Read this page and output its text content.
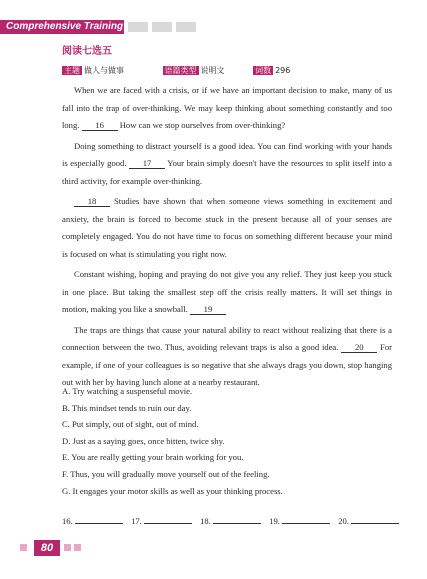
Comprehensive Training
阅读七选五
主题 做人与做事	语篇类型 说明文	词数 296

When we are faced with a crisis, or if we have an important decision to make, many of us fall into the trap of over-thinking. We may keep thinking about something constantly and too long. 16 How can we stop ourselves from over-thinking?

Doing something to distract yourself is a good idea. You can find working with your hands is especially good. 17 Your brain simply doesn't have the resources to split itself into a third activity, for example over-thinking.

18 Studies have shown that when someone views something in excitement and anxiety, the brain is forced to become stuck in the present because all of your senses are completely engaged. You do not have time to focus on something different because your mind is focused on what is stimulating you right now.

Constant wishing, hoping and praying do not give you any relief. They just keep you stuck in one place. But taking the smallest step off the crisis really matters. It will set things in motion, making you like a snowball. 19

The traps are things that cause your natural ability to react without realizing that there is a connection between the two. Thus, avoiding relevant traps is also a good idea. 20 For example, if one of your colleagues is so negative that she always drags you down, stop hanging out with her by having lunch alone at a nearby restaurant.

A. Try watching a suspenseful movie.
B. This mindset tends to ruin our day.
C. Put simply, out of sight, out of mind.
D. Just as a saying goes, once bitten, twice shy.
E. You are really getting your brain working for you.
F. Thus, you will gradually move yourself out of the feeling.
G. It engages your motor skills as well as your thinking process.
16.	17.	18.	19.	20.
80
